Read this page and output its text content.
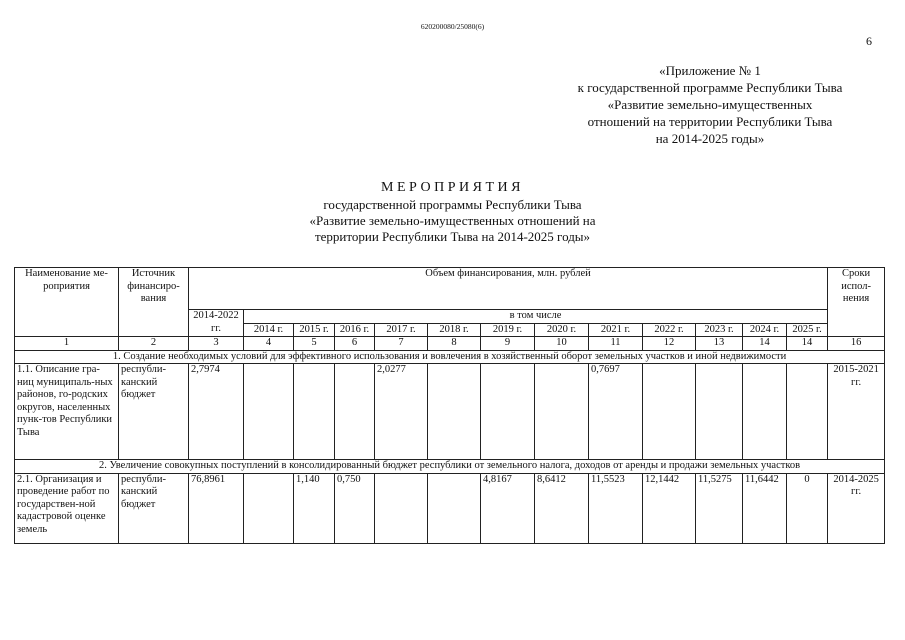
620200080/25080(6)
6
«Приложение № 1
к государственной программе Республики Тыва
«Развитие земельно-имущественных
отношений на территории Республики Тыва
на 2014-2025 годы»
МЕРОПРИЯТИЯ
государственной программы Республики Тыва
«Развитие земельно-имущественных отношений на
территории Республики Тыва на 2014-2025 годы»
Наименование ме-роприятия	Источник финансиро-вания	Объем финансирования, млн. рублей													Сроки испол-нения
		2014-2022 гг.	в том числе												
			2014 г.	2015 г.	2016 г.	2017 г.	2018 г.	2019 г.	2020 г.	2021 г.	2022 г.	2023 г.	2024 г.	2025 г.	
1	2	3	4	5	6	7	8	9	10	11	12	13	14	14	16
1. Создание необходимых условий для эффективного использования и вовлечения в хозяйственный оборот земельных участков и иной недвижимости															
1.1. Описание гра-ниц муниципаль-ных районов, го-родских округов, населенных пунк-тов Республики Тыва	республи-канский бюджет	2,7974				2,0277				0,7697					2015-2021 гг.
2. Увеличение совокупных поступлений в консолидированный бюджет республики от земельного налога, доходов от аренды и продажи земельных участков															
2.1. Организация и проведение работ по государствен-ной кадастровой оценке земель	республи-канский бюджет	76,8961		1,140	0,750			4,8167	8,6412	11,5523	12,1442	11,5275	11,6442	0	2014-2025 гг.
